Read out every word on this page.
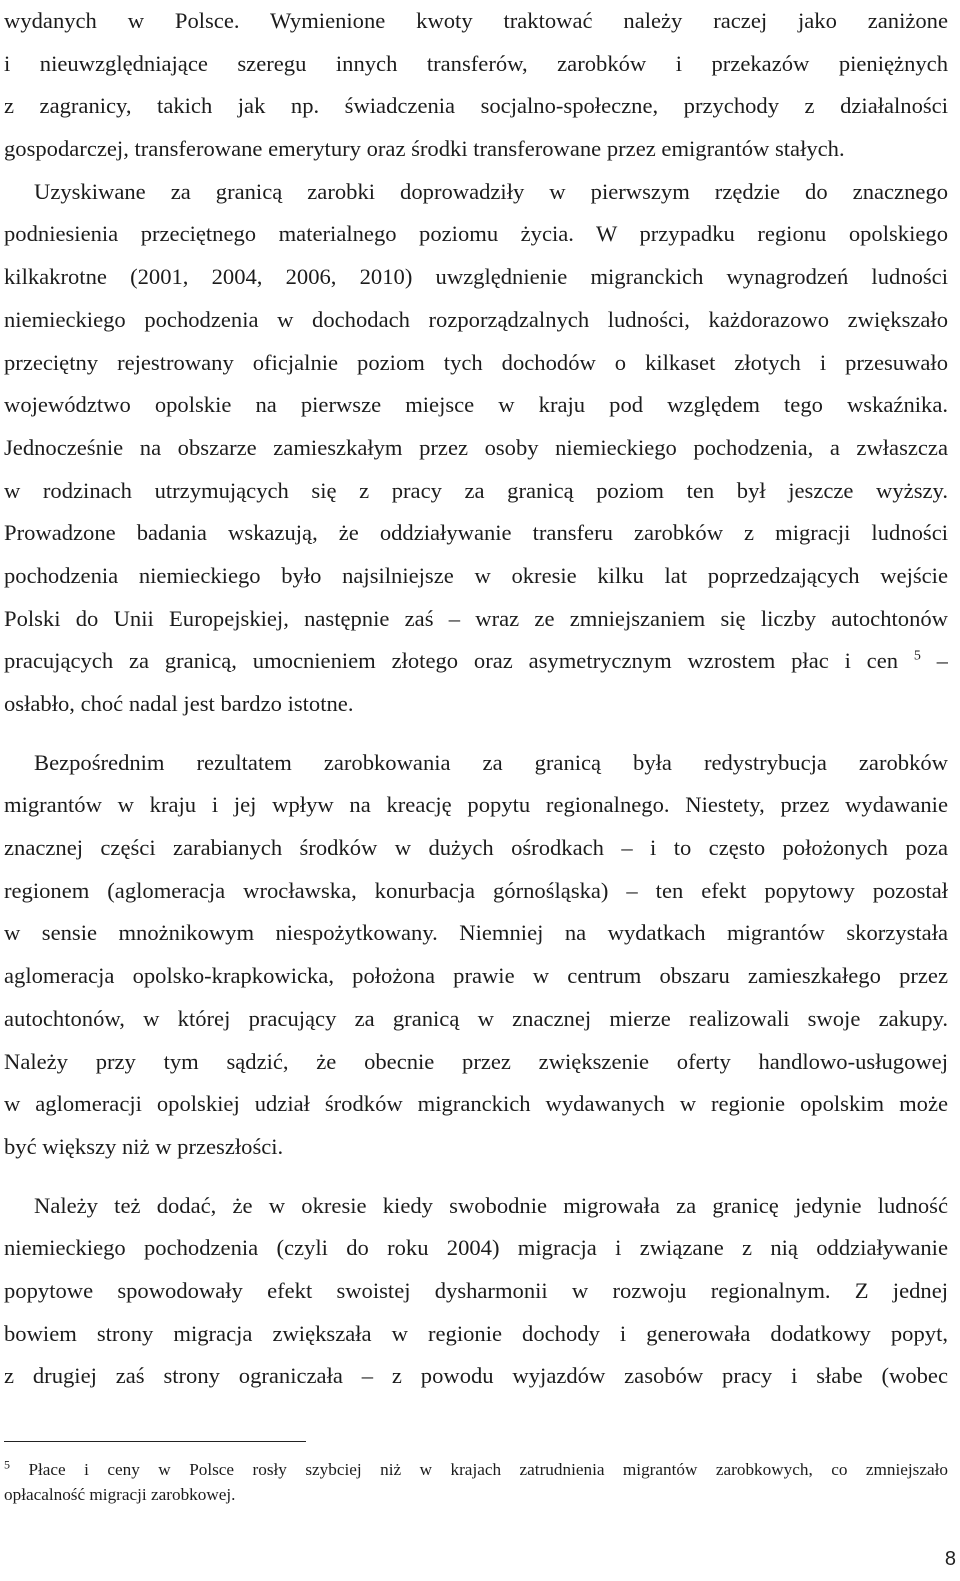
wydanych w Polsce. Wymienione kwoty traktować należy raczej jako zaniżone
i nieuwzględniające szeregu innych transferów, zarobków i przekazów pieniężnych
z zagranicy, takich jak np. świadczenia socjalno-społeczne, przychody z działalności
gospodarczej, transferowane emerytury oraz środki transferowane przez emigrantów stałych.
Uzyskiwane za granicą zarobki doprowadziły w pierwszym rzędzie do znacznego
podniesienia przeciętnego materialnego poziomu życia. W przypadku regionu opolskiego
kilkakrotne (2001, 2004, 2006, 2010) uwzględnienie migranckich wynagrodzeń ludności
niemieckiego pochodzenia w dochodach rozporządzalnych ludności, każdorazowo zwiększało
przeciętny rejestrowany oficjalnie poziom tych dochodów o kilkaset złotych i przesuwało
województwo opolskie na pierwsze miejsce w kraju pod względem tego wskaźnika.
Jednocześnie na obszarze zamieszkałym przez osoby niemieckiego pochodzenia, a zwłaszcza
w rodzinach utrzymujących się z pracy za granicą poziom ten był jeszcze wyższy.
Prowadzone badania wskazują, że oddziaływanie transferu zarobków z migracji ludności
pochodzenia niemieckiego było najsilniejsze w okresie kilku lat poprzedzających wejście
Polski do Unii Europejskiej, następnie zaś – wraz ze zmniejszaniem się liczby autochtonów
pracujących za granicą, umocnieniem złotego oraz asymetrycznym wzrostem płac i cen $^5$ –
osłabło, choć nadal jest bardzo istotne.
Bezpośrednim rezultatem zarobkowania za granicą była redystrybucja zarobków
migrantów w kraju i jej wpływ na kreację popytu regionalnego. Niestety, przez wydawanie
znacznej części zarabianych środków w dużych ośrodkach – i to często położonych poza
regionem (aglomeracja wrocławska, konurbacja górnośląska) – ten efekt popytowy pozostał
w sensie mnożnikowym niespożytkowany. Niemniej na wydatkach migrantów skorzystała
aglomeracja opolsko-krapkowicka, położona prawie w centrum obszaru zamieszkałego przez
autochtonów, w której pracujący za granicą w znacznej mierze realizowali swoje zakupy.
Należy przy tym sądzić, że obecnie przez zwiększenie oferty handlowo-usługowej
w aglomeracji opolskiej udział środków migranckich wydawanych w regionie opolskim może
być większy niż w przeszłości.
Należy też dodać, że w okresie kiedy swobodnie migrowała za granicę jedynie ludność
niemieckiego pochodzenia (czyli do roku 2004) migracja i związane z nią oddziaływanie
popytowe spowodowały efekt swoistej dysharmonii w rozwoju regionalnym. Z jednej
bowiem strony migracja zwiększała w regionie dochody i generowała dodatkowy popyt,
z drugiej zaś strony ograniczała – z powodu wyjazdów zasobów pracy i słabe (wobec
$^5$ Płace i ceny w Polsce rosły szybciej niż w krajach zatrudnienia migrantów zarobkowych, co zmniejszało
opłacalność migracji zarobkowej.
8
